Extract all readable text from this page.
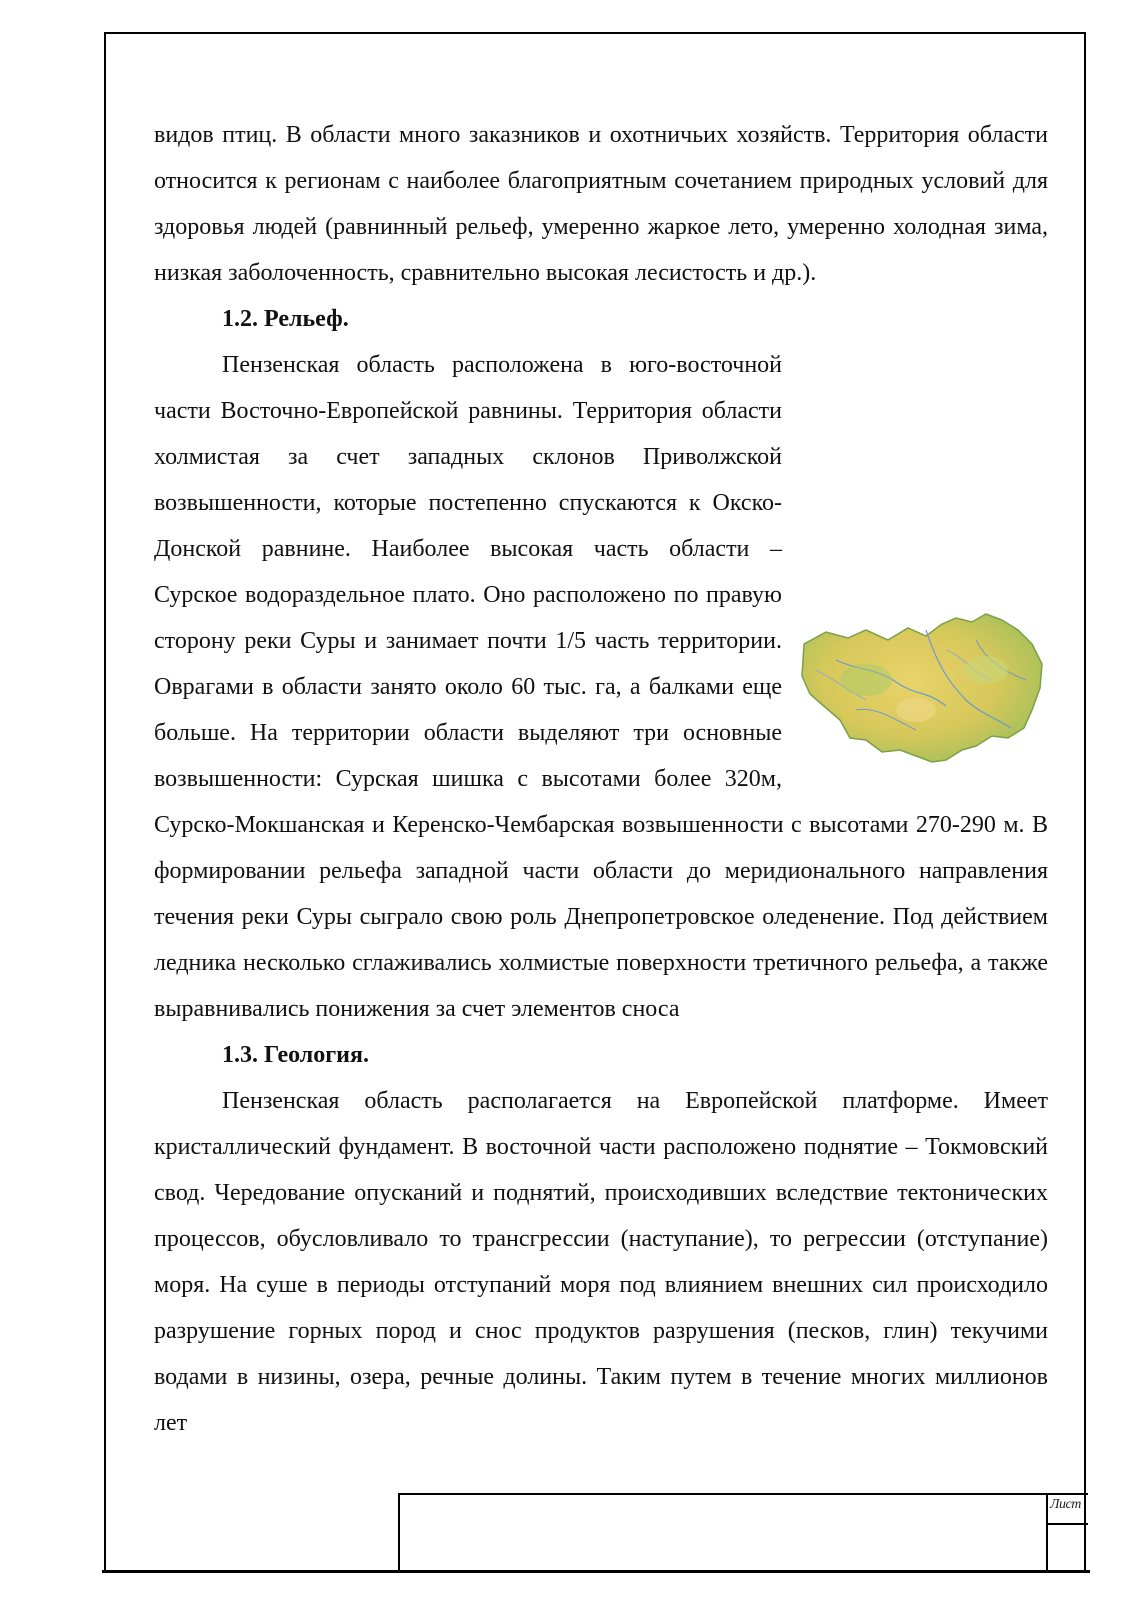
Лист

видов птиц. В области много заказников и охотничьих хозяйств. Территория области относится к регионам с наиболее благоприятным сочетанием природных условий для здоровья людей (равнинный рельеф, умеренно жаркое лето, умеренно холодная зима, низкая заболоченность, сравнительно высокая лесистость и др.).

1.2. Рельеф.

Пензенская область расположена в юго-восточной части Восточно-Европейской равнины. Территория области холмистая за счет западных склонов Приволжской возвышенности, которые постепенно спускаются к Окско-Донской равнине. Наиболее высокая часть области – Сурское водораздельное плато. Оно расположено по правую сторону реки Суры и занимает почти 1/5 часть территории. Оврагами в области занято около 60 тыс. га, а балками еще больше. На территории области выделяют три основные возвышенности: Сурская шишка с высотами более 320м, Сурско-Мокшанская и Керенско-Чембарская возвышенности с высотами 270-290 м. В формировании рельефа западной части области до меридионального направления течения реки Суры сыграло свою роль Днепропетровское оледенение. Под действием ледника несколько сглаживались холмистые поверхности третичного рельефа, а также выравнивались понижения за счет элементов сноса

1.3. Геология.

Пензенская область располагается на Европейской платформе. Имеет кристаллический фундамент. В восточной части расположено поднятие – Токмовский свод. Чередование опусканий и поднятий, происходивших вследствие тектонических процессов, обусловливало то трансгрессии (наступание), то регрессии (отступание) моря. На суше в периоды отступаний моря под влиянием внешних сил происходило разрушение горных пород и снос продуктов разрушения (песков, глин) текучими водами в низины, озера, речные долины. Таким путем в течение многих миллионов лет
